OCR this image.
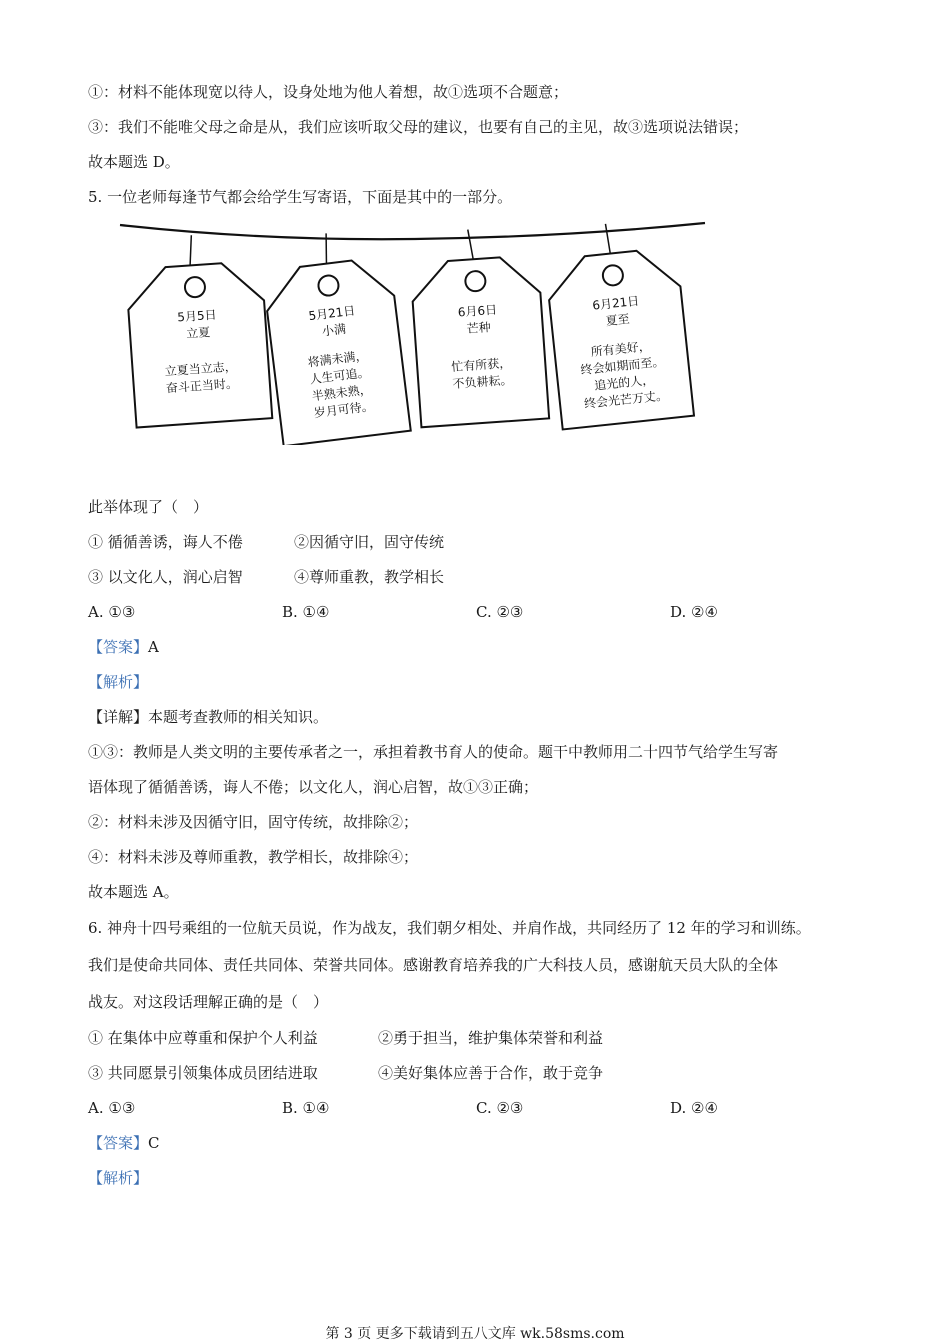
①：材料不能体现宽以待人，设身处地为他人着想，故①选项不合题意；
③：我们不能唯父母之命是从，我们应该听取父母的建议，也要有自己的主见，故③选项说法错误；
故本题选 D。
5. 一位老师每逢节气都会给学生写寄语，下面是其中的一部分。
5月5日
立夏
立夏当立志，
奋斗正当时。
5月21日
小满
将满未满，
人生可追。
半熟未熟，
岁月可待。
6月6日
芒种
忙有所获，
不负耕耘。
6月21日
夏至
所有美好，
终会如期而至。
追光的人，
终会光芒万丈。
此举体现了（　）
① 循循善诱，诲人不倦	②因循守旧，固守传统
③ 以文化人，润心启智	④尊师重教，教学相长
A. ①③	B. ①④	C. ②③	D. ②④
【答案】A
【解析】
【详解】本题考查教师的相关知识。
①③：教师是人类文明的主要传承者之一，承担着教书育人的使命。题干中教师用二十四节气给学生写寄
语体现了循循善诱，诲人不倦；以文化人，润心启智，故①③正确；
②：材料未涉及因循守旧，固守传统，故排除②；
④：材料未涉及尊师重教，教学相长，故排除④；
故本题选 A。
6. 神舟十四号乘组的一位航天员说，作为战友，我们朝夕相处、并肩作战，共同经历了 12 年的学习和训练。
我们是使命共同体、责任共同体、荣誉共同体。感谢教育培养我的广大科技人员，感谢航天员大队的全体
战友。对这段话理解正确的是（　）
① 在集体中应尊重和保护个人利益	②勇于担当，维护集体荣誉和利益
③ 共同愿景引领集体成员团结进取	④美好集体应善于合作，敢于竞争
A. ①③	B. ①④	C. ②③	D. ②④
【答案】C
【解析】
第 3 页 更多下载请到五八文库 wk.58sms.com
